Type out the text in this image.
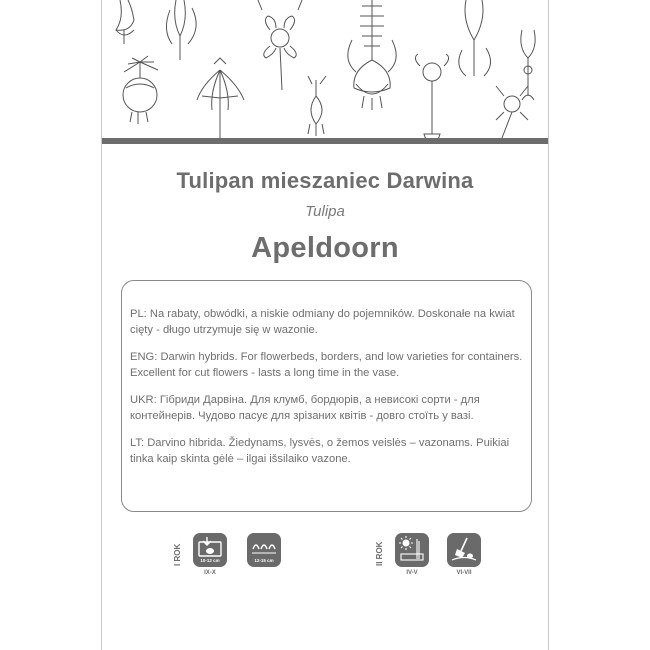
Tulipan mieszaniec Darwina
Tulipa
Apeldoorn

PL: Na rabaty, obwódki, a niskie odmiany do pojemników. Doskonałe na kwiat cięty - długo utrzymuje się w wazonie.

ENG: Darwin hybrids. For flowerbeds, borders, and low varieties for containers. Excellent for cut flowers - lasts a long time in the vase.

UKR: Гібриди Дарвіна. Для клумб, бордюрів, а невисокі сорти - для контейнерів. Чудово пасує для зрізаних квітів - довго стоїть у вазі.

LT: Darvino hibrida. Žiedynams, lysvės, o žemos veislės – vazonams. Puikiai tinka kaip skinta gėlė – ilgai išsilaiko vazone.

I ROK	10-12 cm
IX-X
12-15 cm	II ROK
IV-V	VI-VII
